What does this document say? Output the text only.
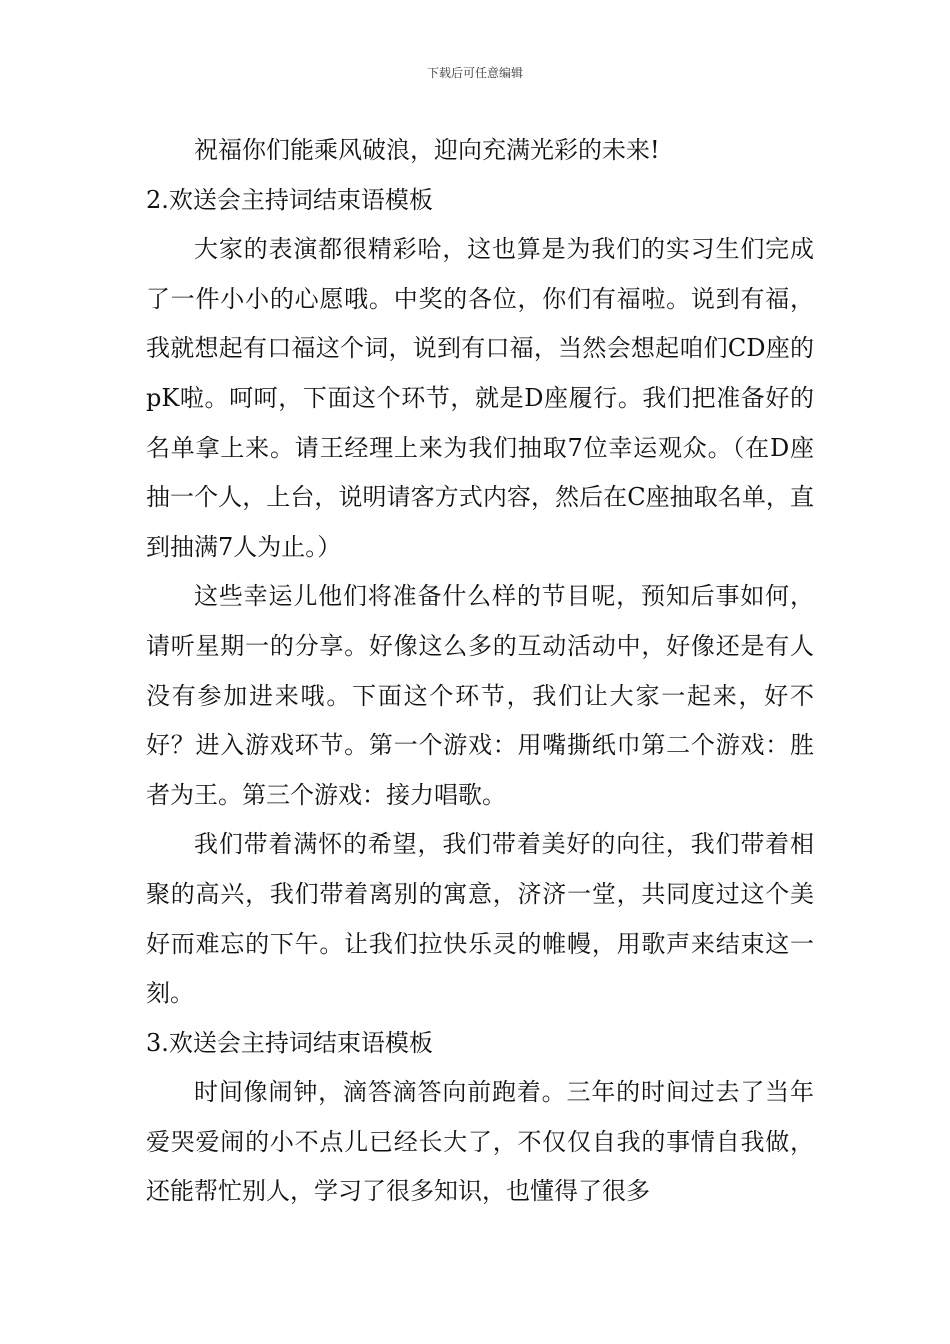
下载后可任意编辑

祝福你们能乘风破浪，迎向充满光彩的未来!

2.欢送会主持词结束语模板

大家的表演都很精彩哈，这也算是为我们的实习生们完成了一件小小的心愿哦。中奖的各位，你们有福啦。说到有福，我就想起有口福这个词，说到有口福，当然会想起咱们CD座的pK啦。呵呵，下面这个环节，就是D座履行。我们把准备好的名单拿上来。请王经理上来为我们抽取7位幸运观众。（在D座抽一个人，上台，说明请客方式内容，然后在C座抽取名单，直到抽满7人为止。）

这些幸运儿他们将准备什么样的节目呢，预知后事如何，请听星期一的分享。好像这么多的互动活动中，好像还是有人没有参加进来哦。下面这个环节，我们让大家一起来，好不好？进入游戏环节。第一个游戏：用嘴撕纸巾第二个游戏：胜者为王。第三个游戏：接力唱歌。

我们带着满怀的希望，我们带着美好的向往，我们带着相聚的高兴，我们带着离别的寓意，济济一堂，共同度过这个美好而难忘的下午。让我们拉快乐灵的帷幔，用歌声来结束这一刻。

3.欢送会主持词结束语模板

时间像闹钟，滴答滴答向前跑着。三年的时间过去了当年爱哭爱闹的小不点儿已经长大了，不仅仅自我的事情自我做，还能帮忙别人，学习了很多知识，也懂得了很多
